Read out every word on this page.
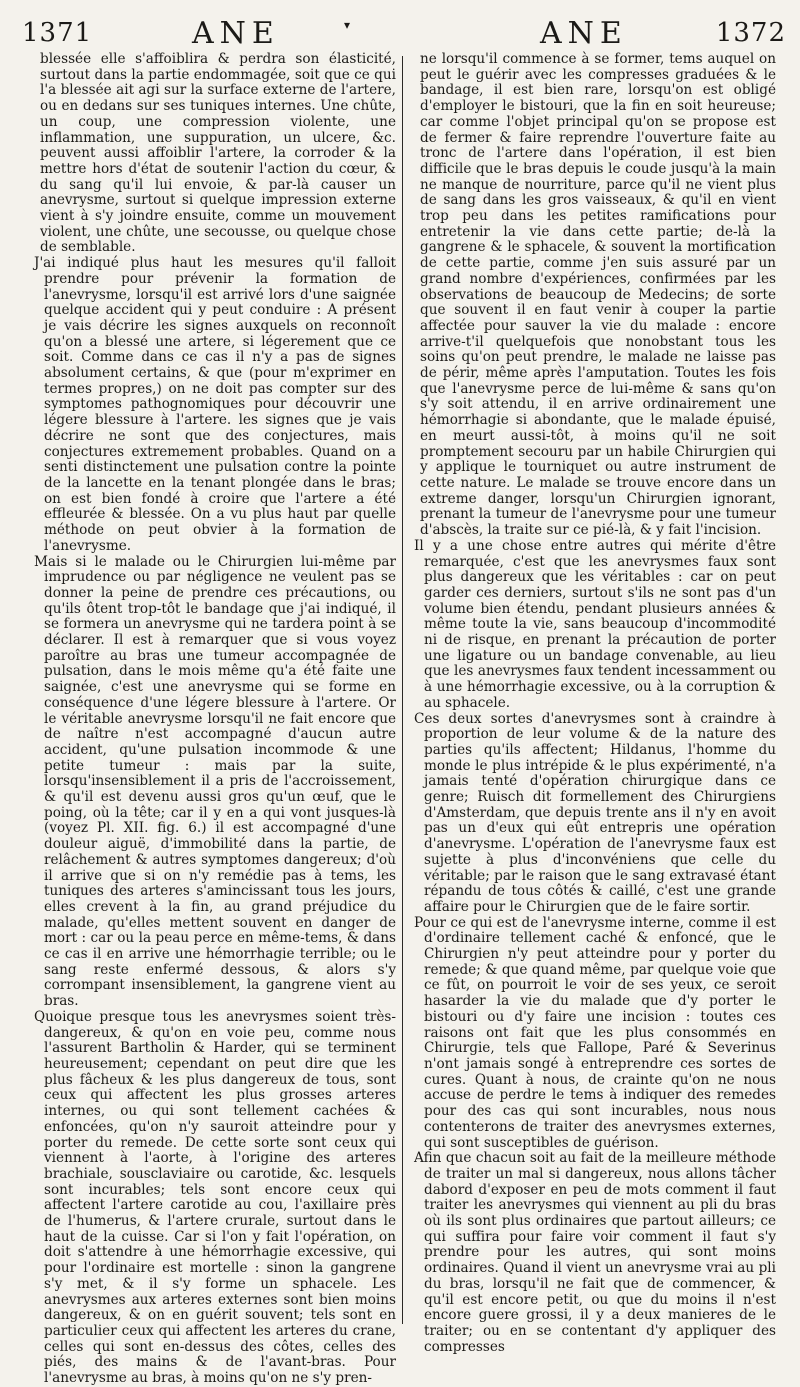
1371	ANE	▾	ANE	1372

blessée elle s'affoiblira & perdra son élasticité, surtout dans la partie endommagée, soit que ce qui l'a blessée ait agi sur la surface externe de l'artere, ou en dedans sur ses tuniques internes. Une chûte, un coup, une compression violente, une inflammation, une suppuration, un ulcere, &c. peuvent aussi affoiblir l'artere, la corroder & la mettre hors d'état de soutenir l'action du cœur, & du sang qu'il lui envoie, & par-là causer un anevrysme, surtout si quelque impression externe vient à s'y joindre ensuite, comme un mouvement violent, une chûte, une secousse, ou quelque chose de semblable.

J'ai indiqué plus haut les mesures qu'il falloit prendre pour prévenir la formation de l'anevrysme, lorsqu'il est arrivé lors d'une saignée quelque accident qui y peut conduire : A présent je vais décrire les signes auxquels on reconnoît qu'on a blessé une artere, si légerement que ce soit. Comme dans ce cas il n'y a pas de signes absolument certains, & que (pour m'exprimer en termes propres,) on ne doit pas compter sur des symptomes pathognomiques pour découvrir une légere blessure à l'artere. les signes que je vais décrire ne sont que des conjectures, mais conjectures extremement probables. Quand on a senti distinctement une pulsation contre la pointe de la lancette en la tenant plongée dans le bras; on est bien fondé à croire que l'artere a été effleurée & blessée. On a vu plus haut par quelle méthode on peut obvier à la formation de l'anevrysme.

Mais si le malade ou le Chirurgien lui-même par imprudence ou par négligence ne veulent pas se donner la peine de prendre ces précautions, ou qu'ils ôtent trop-tôt le bandage que j'ai indiqué, il se formera un anevrysme qui ne tardera point à se déclarer. Il est à remarquer que si vous voyez paroître au bras une tumeur accompagnée de pulsation, dans le mois même qu'a été faite une saignée, c'est une anevrysme qui se forme en conséquence d'une légere blessure à l'artere. Or le véritable anevrysme lorsqu'il ne fait encore que de naître n'est accompagné d'aucun autre accident, qu'une pulsation incommode & une petite tumeur : mais par la suite, lorsqu'insensiblement il a pris de l'accroissement, & qu'il est devenu aussi gros qu'un œuf, que le poing, où la tête; car il y en a qui vont jusques-là (voyez Pl. XII. fig. 6.) il est accompagné d'une douleur aiguë, d'immobilité dans la partie, de relâchement & autres symptomes dangereux; d'où il arrive que si on n'y remédie pas à tems, les tuniques des arteres s'amincissant tous les jours, elles crevent à la fin, au grand préjudice du malade, qu'elles mettent souvent en danger de mort : car ou la peau perce en même-tems, & dans ce cas il en arrive une hémorrhagie terrible; ou le sang reste enfermé dessous, & alors s'y corrompant insensiblement, la gangrene vient au bras.

Quoique presque tous les anevrysmes soient très-dangereux, & qu'on en voie peu, comme nous l'assurent Bartholin & Harder, qui se terminent heureusement; cependant on peut dire que les plus fâcheux & les plus dangereux de tous, sont ceux qui affectent les plus grosses arteres internes, ou qui sont tellement cachées & enfoncées, qu'on n'y sauroit atteindre pour y porter du remede. De cette sorte sont ceux qui viennent à l'aorte, à l'origine des arteres brachiale, sousclaviaire ou carotide, &c. lesquels sont incurables; tels sont encore ceux qui affectent l'artere carotide au cou, l'axillaire près de l'humerus, & l'artere crurale, surtout dans le haut de la cuisse. Car si l'on y fait l'opération, on doit s'attendre à une hémorrhagie excessive, qui pour l'ordinaire est mortelle : sinon la gangrene s'y met, & il s'y forme un sphacele. Les anevrysmes aux arteres externes sont bien moins dangereux, & on en guérit souvent; tels sont en particulier ceux qui affectent les arteres du crane, celles qui sont en-dessus des côtes, celles des piés, des mains & de l'avant-bras. Pour l'anevrysme au bras, à moins qu'on ne s'y pren-

ne lorsqu'il commence à se former, tems auquel on peut le guérir avec les compresses graduées & le bandage, il est bien rare, lorsqu'on est obligé d'employer le bistouri, que la fin en soit heureuse; car comme l'objet principal qu'on se propose est de fermer & faire reprendre l'ouverture faite au tronc de l'artere dans l'opération, il est bien difficile que le bras depuis le coude jusqu'à la main ne manque de nourriture, parce qu'il ne vient plus de sang dans les gros vaisseaux, & qu'il en vient trop peu dans les petites ramifications pour entretenir la vie dans cette partie; de-là la gangrene & le sphacele, & souvent la mortification de cette partie, comme j'en suis assuré par un grand nombre d'expériences, confirmées par les observations de beaucoup de Medecins; de sorte que souvent il en faut venir à couper la partie affectée pour sauver la vie du malade : encore arrive-t'il quelquefois que nonobstant tous les soins qu'on peut prendre, le malade ne laisse pas de périr, même après l'amputation. Toutes les fois que l'anevrysme perce de lui-même & sans qu'on s'y soit attendu, il en arrive ordinairement une hémorrhagie si abondante, que le malade épuisé, en meurt aussi-tôt, à moins qu'il ne soit promptement secouru par un habile Chirurgien qui y applique le tourniquet ou autre instrument de cette nature. Le malade se trouve encore dans un extreme danger, lorsqu'un Chirurgien ignorant, prenant la tumeur de l'anevrysme pour une tumeur d'abscès, la traite sur ce pié-là, & y fait l'incision.

Il y a une chose entre autres qui mérite d'être remarquée, c'est que les anevrysmes faux sont plus dangereux que les véritables : car on peut garder ces derniers, surtout s'ils ne sont pas d'un volume bien étendu, pendant plusieurs années & même toute la vie, sans beaucoup d'incommodité ni de risque, en prenant la précaution de porter une ligature ou un bandage convenable, au lieu que les anevrysmes faux tendent incessamment ou à une hémorrhagie excessive, ou à la corruption & au sphacele.

Ces deux sortes d'anevrysmes sont à craindre à proportion de leur volume & de la nature des parties qu'ils affectent; Hildanus, l'homme du monde le plus intrépide & le plus expérimenté, n'a jamais tenté d'opération chirurgique dans ce genre; Ruisch dit formellement des Chirurgiens d'Amsterdam, que depuis trente ans il n'y en avoit pas un d'eux qui eût entrepris une opération d'anevrysme. L'opération de l'anevrysme faux est sujette à plus d'inconvéniens que celle du véritable; par le raison que le sang extravasé étant répandu de tous côtés & caillé, c'est une grande affaire pour le Chirurgien que de le faire sortir.

Pour ce qui est de l'anevrysme interne, comme il est d'ordinaire tellement caché & enfoncé, que le Chirurgien n'y peut atteindre pour y porter du remede; & que quand même, par quelque voie que ce fût, on pourroit le voir de ses yeux, ce seroit hasarder la vie du malade que d'y porter le bistouri ou d'y faire une incision : toutes ces raisons ont fait que les plus consommés en Chirurgie, tels que Fallope, Paré & Severinus n'ont jamais songé à entreprendre ces sortes de cures. Quant à nous, de crainte qu'on ne nous accuse de perdre le tems à indiquer des remedes pour des cas qui sont incurables, nous nous contenterons de traiter des anevrysmes externes, qui sont susceptibles de guérison.

Afin que chacun soit au fait de la meilleure méthode de traiter un mal si dangereux, nous allons tâcher dabord d'exposer en peu de mots comment il faut traiter les anevrysmes qui viennent au pli du bras où ils sont plus ordinaires que partout ailleurs; ce qui suffira pour faire voir comment il faut s'y prendre pour les autres, qui sont moins ordinaires. Quand il vient un anevrysme vrai au pli du bras, lorsqu'il ne fait que de commencer, & qu'il est encore petit, ou que du moins il n'est encore guere grossi, il y a deux manieres de le traiter; ou en se contentant d'y appliquer des compresses
